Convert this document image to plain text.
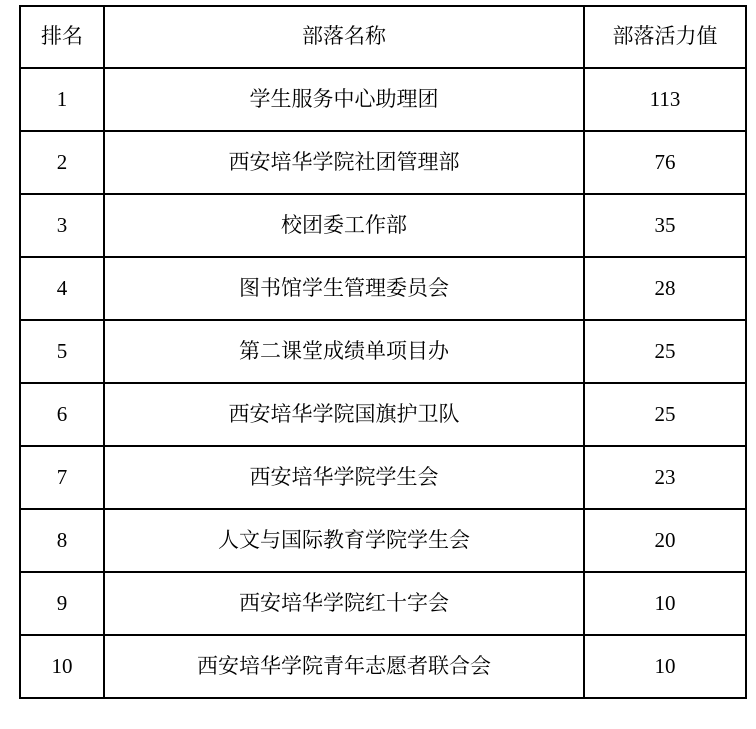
排名	部落名称	部落活力值
1	学生服务中心助理团	113
2	西安培华学院社团管理部	76
3	校团委工作部	35
4	图书馆学生管理委员会	28
5	第二课堂成绩单项目办	25
6	西安培华学院国旗护卫队	25
7	西安培华学院学生会	23
8	人文与国际教育学院学生会	20
9	西安培华学院红十字会	10
10	西安培华学院青年志愿者联合会	10
